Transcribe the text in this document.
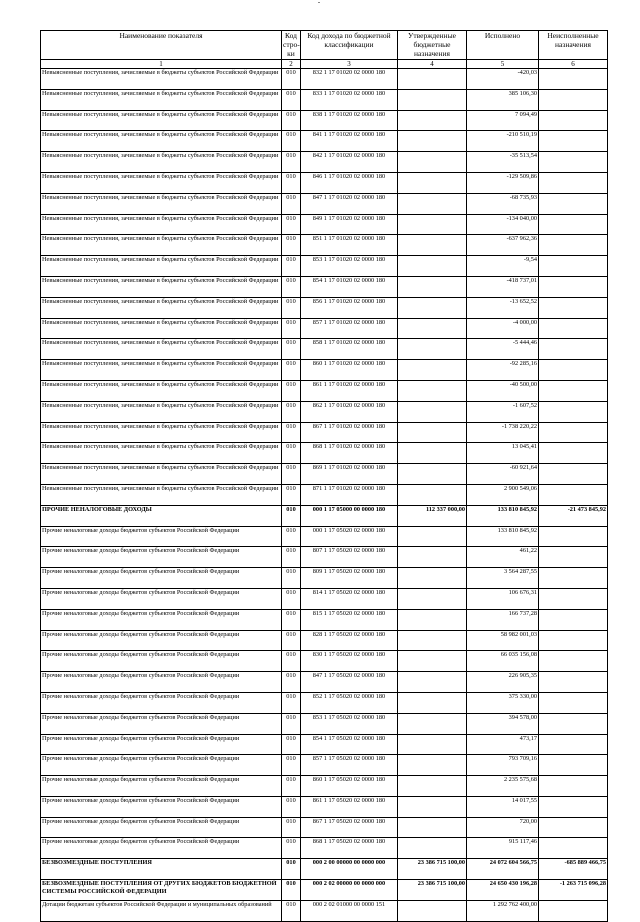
Наименование показателя	Код стро-ки	Код дохода по бюджетной классификации	Утвержденные бюджетные назначения	Исполнено	Неисполненные назначения
1	2	3	4	5	6
Невыясненные поступления, зачисляемые в бюджеты субъектов Российской Федерации	010	832 1 17 01020 02 0000 180		-420,03	
Невыясненные поступления, зачисляемые в бюджеты субъектов Российской Федерации	010	833 1 17 01020 02 0000 180		385 106,30	
Невыясненные поступления, зачисляемые в бюджеты субъектов Российской Федерации	010	838 1 17 01020 02 0000 180		7 094,49	
Невыясненные поступления, зачисляемые в бюджеты субъектов Российской Федерации	010	841 1 17 01020 02 0000 180		-210 510,19	
Невыясненные поступления, зачисляемые в бюджеты субъектов Российской Федерации	010	842 1 17 01020 02 0000 180		-35 513,54	
Невыясненные поступления, зачисляемые в бюджеты субъектов Российской Федерации	010	846 1 17 01020 02 0000 180		-129 509,86	
Невыясненные поступления, зачисляемые в бюджеты субъектов Российской Федерации	010	847 1 17 01020 02 0000 180		-68 735,93	
Невыясненные поступления, зачисляемые в бюджеты субъектов Российской Федерации	010	849 1 17 01020 02 0000 180		-134 040,00	
Невыясненные поступления, зачисляемые в бюджеты субъектов Российской Федерации	010	851 1 17 01020 02 0000 180		-637 962,36	
Невыясненные поступления, зачисляемые в бюджеты субъектов Российской Федерации	010	853 1 17 01020 02 0000 180		-9,54	
Невыясненные поступления, зачисляемые в бюджеты субъектов Российской Федерации	010	854 1 17 01020 02 0000 180		-418 737,01	
Невыясненные поступления, зачисляемые в бюджеты субъектов Российской Федерации	010	856 1 17 01020 02 0000 180		-13 652,52	
Невыясненные поступления, зачисляемые в бюджеты субъектов Российской Федерации	010	857 1 17 01020 02 0000 180		-4 000,00	
Невыясненные поступления, зачисляемые в бюджеты субъектов Российской Федерации	010	858 1 17 01020 02 0000 180		-5 444,46	
Невыясненные поступления, зачисляемые в бюджеты субъектов Российской Федерации	010	860 1 17 01020 02 0000 180		-92 285,16	
Невыясненные поступления, зачисляемые в бюджеты субъектов Российской Федерации	010	861 1 17 01020 02 0000 180		-40 500,00	
Невыясненные поступления, зачисляемые в бюджеты субъектов Российской Федерации	010	862 1 17 01020 02 0000 180		-1 607,52	
Невыясненные поступления, зачисляемые в бюджеты субъектов Российской Федерации	010	867 1 17 01020 02 0000 180		-1 738 220,22	
Невыясненные поступления, зачисляемые в бюджеты субъектов Российской Федерации	010	868 1 17 01020 02 0000 180		13 045,41	
Невыясненные поступления, зачисляемые в бюджеты субъектов Российской Федерации	010	869 1 17 01020 02 0000 180		-60 921,64	
Невыясненные поступления, зачисляемые в бюджеты субъектов Российской Федерации	010	871 1 17 01020 02 0000 180		2 900 549,06	
ПРОЧИЕ НЕНАЛОГОВЫЕ ДОХОДЫ	010	000 1 17 05000 00 0000 180	112 337 000,00	133 810 845,92	-21 473 845,92
Прочие неналоговые доходы бюджетов субъектов Российской Федерации	010	000 1 17 05020 02 0000 180		133 810 845,92	
Прочие неналоговые доходы бюджетов субъектов Российской Федерации	010	807 1 17 05020 02 0000 180		461,22	
Прочие неналоговые доходы бюджетов субъектов Российской Федерации	010	809 1 17 05020 02 0000 180		3 564 287,55	
Прочие неналоговые доходы бюджетов субъектов Российской Федерации	010	814 1 17 05020 02 0000 180		106 676,31	
Прочие неналоговые доходы бюджетов субъектов Российской Федерации	010	815 1 17 05020 02 0000 180		166 737,28	
Прочие неналоговые доходы бюджетов субъектов Российской Федерации	010	828 1 17 05020 02 0000 180		58 982 001,03	
Прочие неналоговые доходы бюджетов субъектов Российской Федерации	010	830 1 17 05020 02 0000 180		66 035 156,08	
Прочие неналоговые доходы бюджетов субъектов Российской Федерации	010	847 1 17 05020 02 0000 180		226 905,35	
Прочие неналоговые доходы бюджетов субъектов Российской Федерации	010	852 1 17 05020 02 0000 180		375 330,00	
Прочие неналоговые доходы бюджетов субъектов Российской Федерации	010	853 1 17 05020 02 0000 180		394 578,00	
Прочие неналоговые доходы бюджетов субъектов Российской Федерации	010	854 1 17 05020 02 0000 180		473,17	
Прочие неналоговые доходы бюджетов субъектов Российской Федерации	010	857 1 17 05020 02 0000 180		793 709,16	
Прочие неналоговые доходы бюджетов субъектов Российской Федерации	010	860 1 17 05020 02 0000 180		2 235 575,68	
Прочие неналоговые доходы бюджетов субъектов Российской Федерации	010	861 1 17 05020 02 0000 180		14 017,55	
Прочие неналоговые доходы бюджетов субъектов Российской Федерации	010	867 1 17 05020 02 0000 180		720,00	
Прочие неналоговые доходы бюджетов субъектов Российской Федерации	010	868 1 17 05020 02 0000 180		915 117,46	
БЕЗВОЗМЕЗДНЫЕ ПОСТУПЛЕНИЯ	010	000 2 00 00000 00 0000 000	23 386 715 100,00	24 072 604 566,75	-685 889 466,75
БЕЗВОЗМЕЗДНЫЕ ПОСТУПЛЕНИЯ ОТ ДРУГИХ БЮДЖЕТОВ БЮДЖЕТНОЙ СИСТЕМЫ РОССИЙСКОЙ ФЕДЕРАЦИИ	010	000 2 02 00000 00 0000 000	23 386 715 100,00	24 650 430 196,28	-1 263 715 096,28
Дотации бюджетам субъектов Российской Федерации и муниципальных образований	010	000 2 02 01000 00 0000 151		1 292 762 400,00	
